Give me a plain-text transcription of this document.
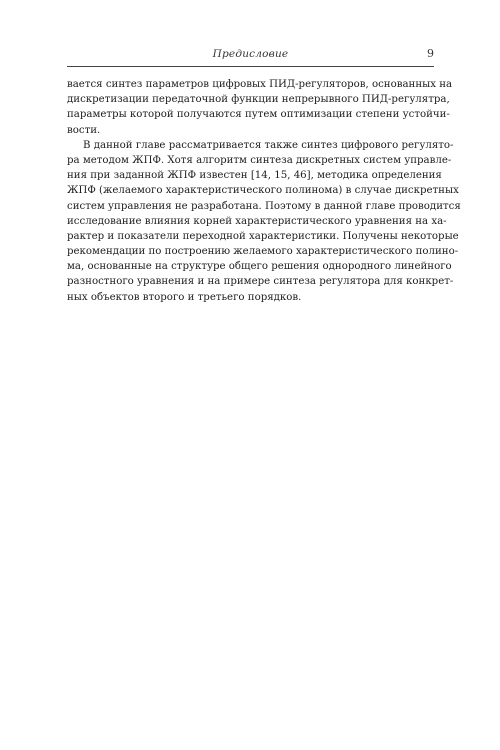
Предисловие	9
вается синтез параметров цифровых ПИД-регуляторов, основанных на
дискретизации передаточной функции непрерывного ПИД-регулятра,
параметры которой получаются путем оптимизации степени устойчи-
вости.
В данной главе рассматривается также синтез цифрового регулято-
ра методом ЖПФ. Хотя алгоритм синтеза дискретных систем управле-
ния при заданной ЖПФ известен [14, 15, 46], методика определения
ЖПФ (желаемого характеристического полинома) в случае дискретных
систем управления не разработана. Поэтому в данной главе проводится
исследование влияния корней характеристического уравнения на ха-
рактер и показатели переходной характеристики. Получены некоторые
рекомендации по построению желаемого характеристического полино-
ма, основанные на структуре общего решения однородного линейного
разностного уравнения и на примере синтеза регулятора для конкрет-
ных объектов второго и третьего порядков.
